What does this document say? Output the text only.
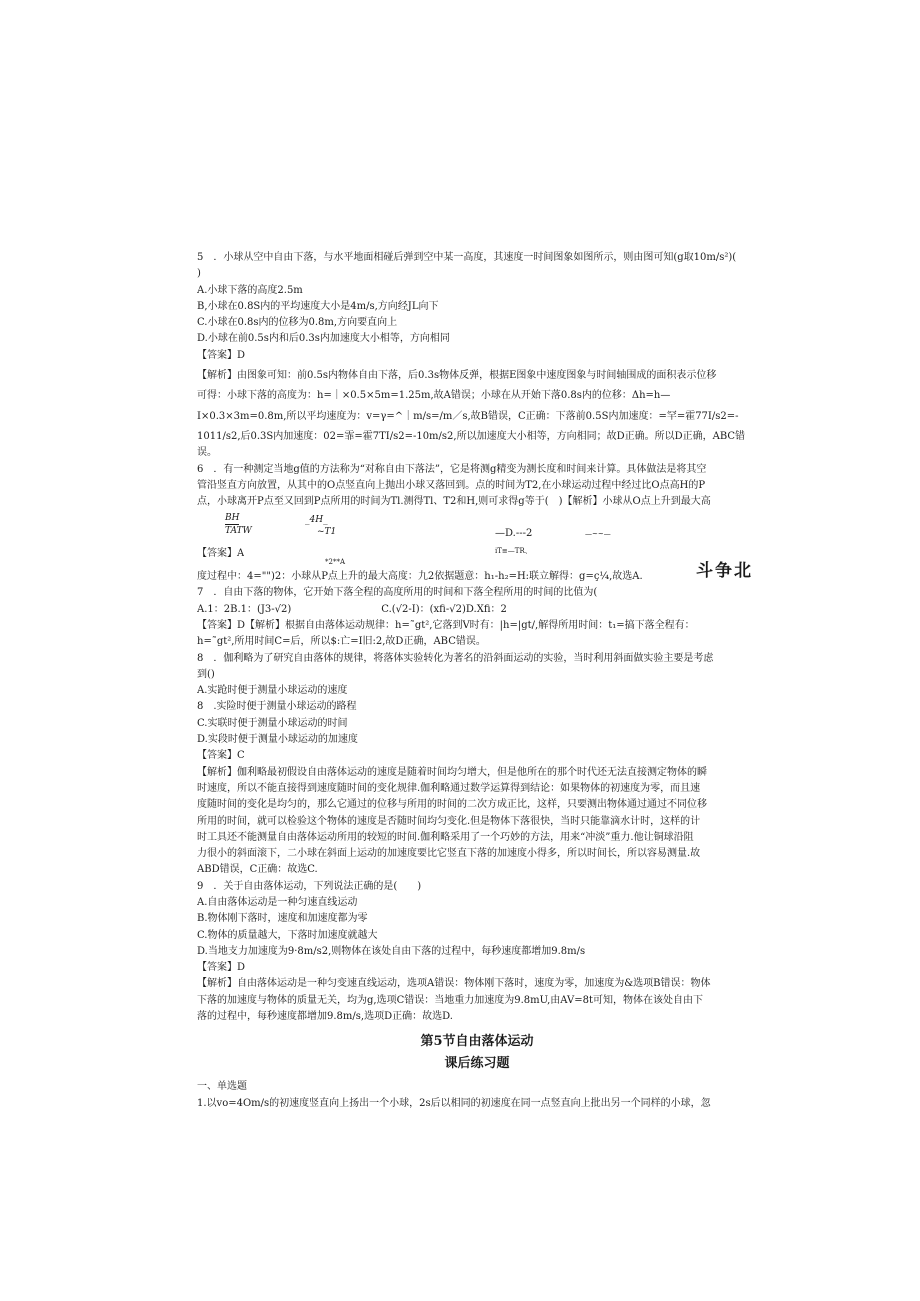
5　．小球从空中自由下落，与水平地面相碰后弹到空中某一高度，其速度一时间图象如图所示，则由图可知(g取10m/s²)(
)
A.小球下落的高度2.5m
B,小球在0.8S内的平均速度大小是4m/s,方向经JL向下
C.小球在0.8s内的位移为0.8m,方向要直向上
D.小球在前0.5s内和后0.3s内加速度大小相等，方向相同
【答案】D
【解析】由图象可知：前0.5s内物体自由下落，后0.3s物体反弹，根据E图象中速度图象与时间轴围成的面积表示位移
可得：小球下落的高度为：h=｜×0.5×5m=1.25m,故A错误；小球在从开始下落0.8s内的位移：Δh=h—
I×0.3×3m=0.8m,所以平均速度为：v=γ=^｜m/s=/m／s,故B错误，C正确：下落前0.5S内加速度：=罕=霍77I/s2=-
1011/s2,后0.3S内加速度：02=霏=霍7TI/s2=-10m/s2,所以加速度大小相等，方向相同；故D正确。所以D正确，ABC错
误。
6　．有一种测定当地g值的方法称为“对称自由下落法”，它是将测g精变为测长度和时间来计算。具体做法是将其空
管沿竖直方向放置，从其中的O点竖直向上抛出小球又落回到。点的时间为T2,在小球运动过程中经过比O点高H的P
点，小球离开P点至又回到P点所用的时间为Tl.测得Tl、T2和H,则可求得g等于(　)【解析】小球从O点上升到最大高
BH
TATW
_4H_
~T1	—D.---2
iT≡—TR、
—~~—
【答案】A
*2**A
度过程中：4="")2：小球从P点上升的最大高度：九2依据题意：h₁-h₂=H:联立解得：g=ç¼,故选A.	斗争北
7　．自由下落的物体，它开始下落全程的高度所用的时间和下落全程所用的时间的比值为(
A.1：2B.1：(J3-√2)　　　　　　　　　C.(√2-I)：(xfi-√2)D.Xfi：2
【答案】D【解析】根据自由落体运动规律：h=˜gt²,它落到V时有：|h=|gt/,解得所用时间：t₁=搞下落全程有：
h=˜gt²,所用时间C=后，所以$:亡=I旧:2,故D正确，ABC错误。
8　．伽利略为了研究自由落体的规律，将落体实验转化为著名的沿斜面运动的实验，当时利用斜面做实验主要是考虑
到()
A.实跄时便于测量小球运动的速度
8　.实险时便于测量小球运动的路程
C.实联时便于测量小球运动的时间
D.实段时便于测量小球运动的加速度
【答案】C
【解析】伽利略最初假设自由落体运动的速度是随着时间均匀增大，但是他所在的那个时代还无法直接测定物体的瞬
时速度，所以不能直接得到速度随时间的变化规律.伽利略通过数学运算得到结论：如果物体的初速度为零，而且速
度随时间的变化是均匀的，那么它通过的位移与所用的时间的二次方成正比，这样，只要测出物体通过通过不同位移
所用的时间，就可以检验这个物体的速度是否随时间均匀变化.但是物体下落很快，当时只能靠滴水计时，这样的计
时工具还不能测量自由落体运动所用的较短的时间.伽利略采用了一个巧妙的方法，用来“冲淡”重力.他让铜球沿阻
力很小的斜面滚下，二小球在斜面上运动的加速度要比它竖直下落的加速度小得多，所以时间长，所以容易测量.故
ABD错误，C正确：故选C.
9　．关于自由落体运动，下列说法正确的是(　　)
A.自由落体运动是一种匀速直线运动
B.物体刚下落时，速度和加速度都为零
C.物体的质量越大，下落时加速度就越大
D.当地支力加速度为9·8m/s2,则物体在该处自由下落的过程中，每秒速度都增加9.8m/s
【答案】D
【解析】自由落体运动是一种匀变速直线运动，选项A错误：物体刚下落时，速度为零，加速度为&选项B错误：物体
下落的加速度与物体的质量无关，均为g,选项C错误：当地重力加速度为9.8mU,由AV=8t可知，物体在该处自由下
落的过程中，每秒速度都增加9.8m/s,选项D正确：故选D.
第5节自由落体运动
课后练习题
一、单选题
1.以vo=4Om/s的初速度竖直向上扬出一个小球，2s后以相同的初速度在同一点竖直向上批出另一个同样的小球，忽
